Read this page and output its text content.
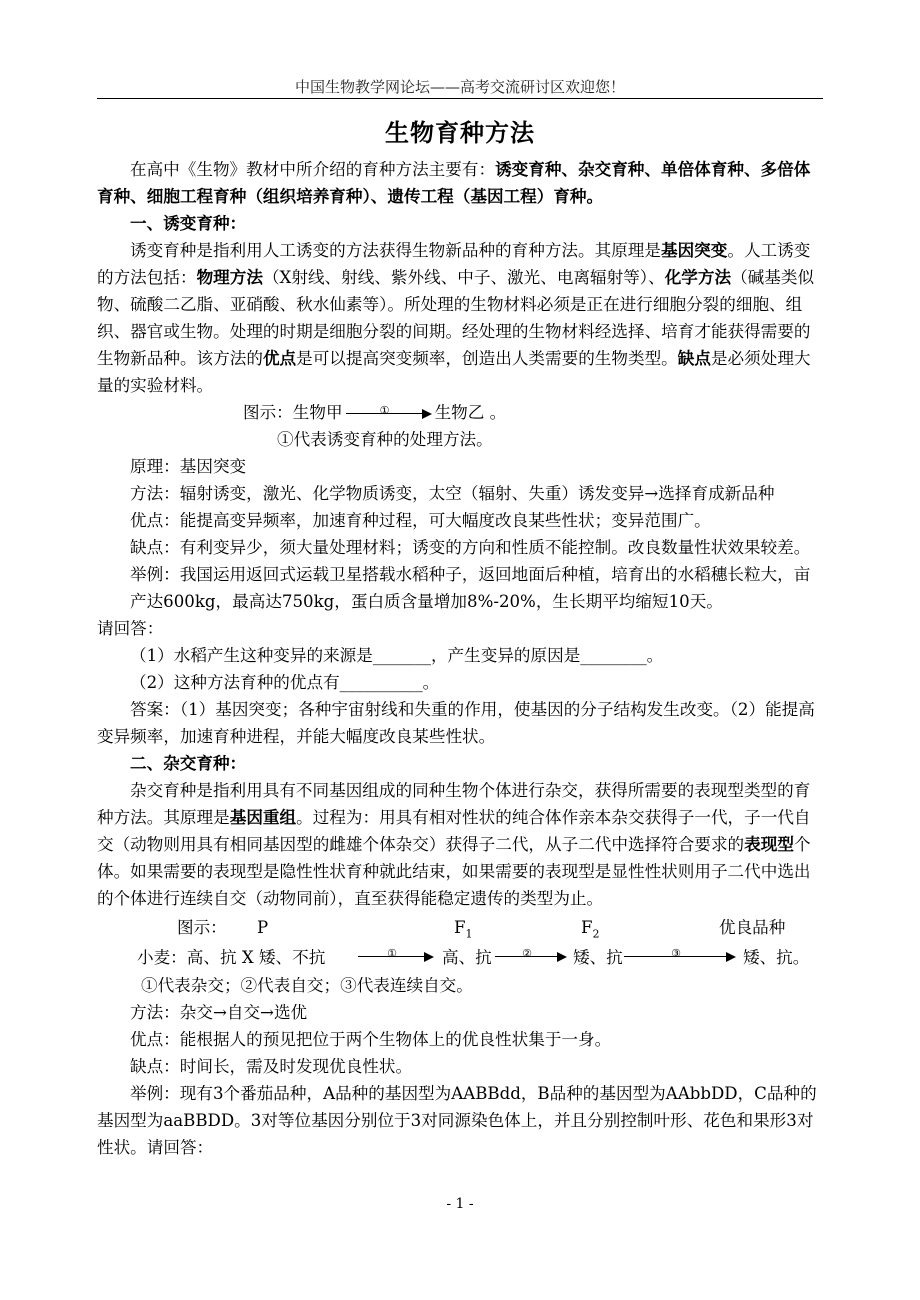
中国生物教学网论坛——高考交流研讨区欢迎您！
生物育种方法

在高中《生物》教材中所介绍的育种方法主要有：诱变育种、杂交育种、单倍体育种、多倍体育种、细胞工程育种（组织培养育种）、遗传工程（基因工程）育种。

一、诱变育种：

诱变育种是指利用人工诱变的方法获得生物新品种的育种方法。其原理是基因突变。人工诱变的方法包括：物理方法（X射线、射线、紫外线、中子、激光、电离辐射等）、化学方法（碱基类似物、硫酸二乙脂、亚硝酸、秋水仙素等）。所处理的生物材料必须是正在进行细胞分裂的细胞、组织、器官或生物。处理的时期是细胞分裂的间期。经处理的生物材料经选择、培育才能获得需要的生物新品种。该方法的优点是可以提高突变频率，创造出人类需要的生物类型。缺点是必须处理大量的实验材料。

图示：生物甲	①	生物乙 。

①代表诱变育种的处理方法。

原理：基因突变

方法：辐射诱变，激光、化学物质诱变，太空（辐射、失重）诱发变异→选择育成新品种

优点：能提高变异频率，加速育种过程，可大幅度改良某些性状；变异范围广。

缺点：有利变异少，须大量处理材料；诱变的方向和性质不能控制。改良数量性状效果较差。

举例：我国运用返回式运载卫星搭载水稻种子，返回地面后种植，培育出的水稻穗长粒大，亩产达600kg，最高达750kg，蛋白质含量增加8%-20%，生长期平均缩短10天。

请回答：

（1）水稻产生这种变异的来源是_______，产生变异的原因是________。

（2）这种方法育种的优点有__________。

答案：（1）基因突变；各种宇宙射线和失重的作用，使基因的分子结构发生改变。（2）能提高变异频率，加速育种进程，并能大幅度改良某些性状。

二、杂交育种：

杂交育种是指利用具有不同基因组成的同种生物个体进行杂交，获得所需要的表现型类型的育种方法。其原理是基因重组。过程为：用具有相对性状的纯合体作亲本杂交获得子一代，子一代自交（动物则用具有相同基因型的雌雄个体杂交）获得子二代，从子二代中选择符合要求的表现型个体。如果需要的表现型是隐性性状育种就此结束，如果需要的表现型是显性性状则用子二代中选出的个体进行连续自交（动物同前），直至获得能稳定遗传的类型为止。

图示： P	$F_1$	$F_2$	优良品种
小麦：高、抗 X 矮、不抗	①	高、抗	②	矮、抗	③	矮、抗。

①代表杂交；②代表自交；③代表连续自交。

方法：杂交→自交→选优

优点：能根据人的预见把位于两个生物体上的优良性状集于一身。

缺点：时间长，需及时发现优良性状。

举例：现有3个番茄品种，A品种的基因型为AABBdd，B品种的基因型为AAbbDD，C品种的基因型为aaBBDD。3对等位基因分别位于3对同源染色体上，并且分别控制叶形、花色和果形3对性状。请回答：

- 1 -
